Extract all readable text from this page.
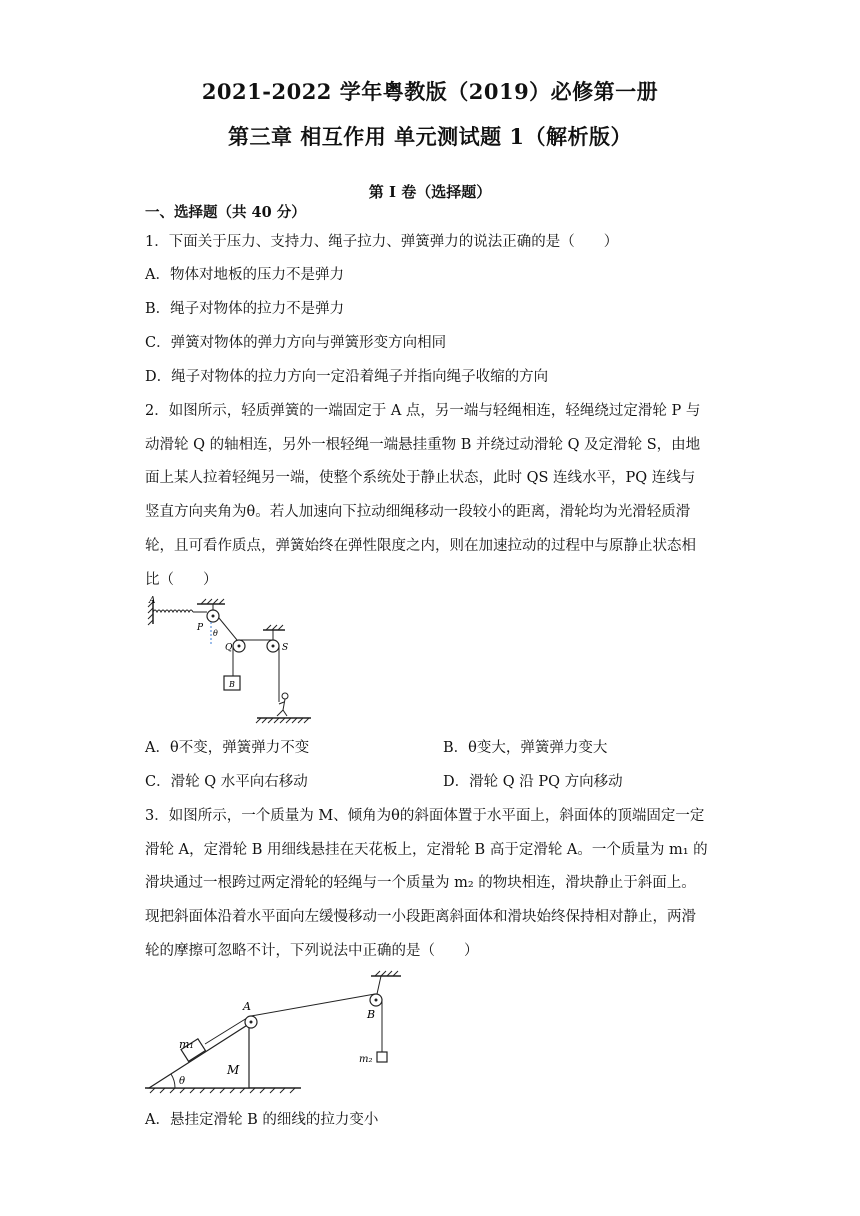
2021-2022 学年粤教版（2019）必修第一册
第三章 相互作用 单元测试题 1（解析版）
第 I 卷（选择题）
一、选择题（共 40 分）
1．下面关于压力、支持力、绳子拉力、弹簧弹力的说法正确的是（　　）
A．物体对地板的压力不是弹力
B．绳子对物体的拉力不是弹力
C．弹簧对物体的弹力方向与弹簧形变方向相同
D．绳子对物体的拉力方向一定沿着绳子并指向绳子收缩的方向
2．如图所示，轻质弹簧的一端固定于 A 点，另一端与轻绳相连，轻绳绕过定滑轮 P 与
动滑轮 Q 的轴相连，另外一根轻绳一端悬挂重物 B 并绕过动滑轮 Q 及定滑轮 S，由地
面上某人拉着轻绳另一端，使整个系统处于静止状态，此时 QS 连线水平，PQ 连线与
竖直方向夹角为θ。若人加速向下拉动细绳移动一段较小的距离，滑轮均为光滑轻质滑
轮，且可看作质点，弹簧始终在弹性限度之内，则在加速拉动的过程中与原静止状态相
比（　　）
A
P
θ
Q
B
S
A．θ不变，弹簧弹力不变	B．θ变大，弹簧弹力变大
C．滑轮 Q 水平向右移动	D．滑轮 Q 沿 PQ 方向移动
3．如图所示，一个质量为 M、倾角为θ的斜面体置于水平面上，斜面体的顶端固定一定
滑轮 A，定滑轮 B 用细线悬挂在天花板上，定滑轮 B 高于定滑轮 A。一个质量为 m₁ 的
滑块通过一根跨过两定滑轮的轻绳与一个质量为 m₂ 的物块相连，滑块静止于斜面上。
现把斜面体沿着水平面向左缓慢移动一小段距离斜面体和滑块始终保持相对静止，两滑
轮的摩擦可忽略不计，下列说法中正确的是（　　）
M
θ
m₁
A
B
m₂
A．悬挂定滑轮 B 的细线的拉力变小
